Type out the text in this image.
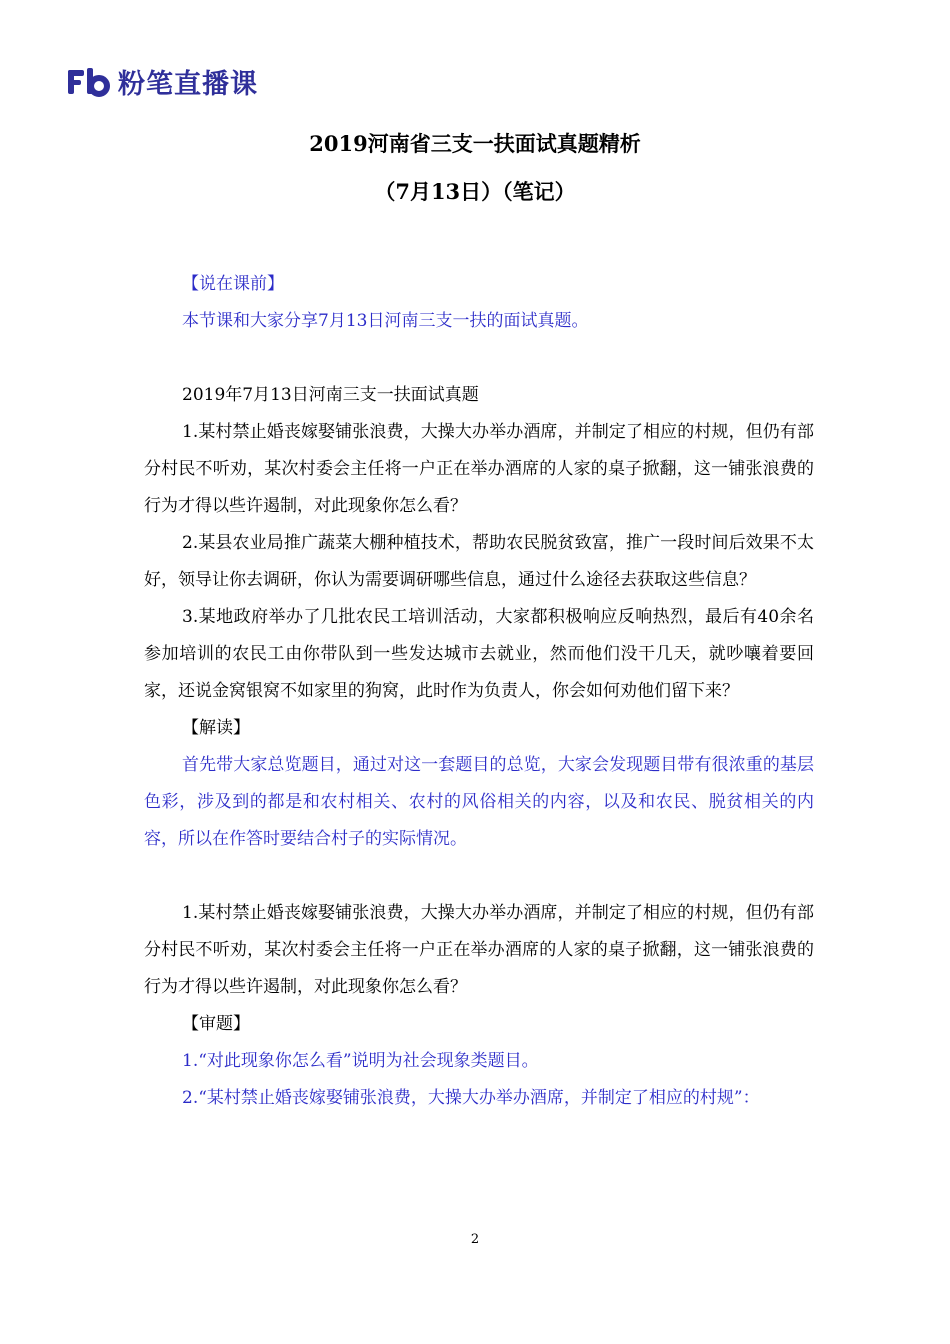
粉笔直播课
2019河南省三支一扶面试真题精析
（7月13日）（笔记）

【说在课前】

本节课和大家分享7月13日河南三支一扶的面试真题。

2019年7月13日河南三支一扶面试真题

1.某村禁止婚丧嫁娶铺张浪费，大操大办举办酒席，并制定了相应的村规，但仍有部分村民不听劝，某次村委会主任将一户正在举办酒席的人家的桌子掀翻，这一铺张浪费的行为才得以些许遏制，对此现象你怎么看？

2.某县农业局推广蔬菜大棚种植技术，帮助农民脱贫致富，推广一段时间后效果不太好，领导让你去调研，你认为需要调研哪些信息，通过什么途径去获取这些信息？

3.某地政府举办了几批农民工培训活动，大家都积极响应反响热烈，最后有40余名参加培训的农民工由你带队到一些发达城市去就业，然而他们没干几天，就吵嚷着要回家，还说金窝银窝不如家里的狗窝，此时作为负责人，你会如何劝他们留下来？

【解读】

首先带大家总览题目，通过对这一套题目的总览，大家会发现题目带有很浓重的基层色彩，涉及到的都是和农村相关、农村的风俗相关的内容，以及和农民、脱贫相关的内容，所以在作答时要结合村子的实际情况。

1.某村禁止婚丧嫁娶铺张浪费，大操大办举办酒席，并制定了相应的村规，但仍有部分村民不听劝，某次村委会主任将一户正在举办酒席的人家的桌子掀翻，这一铺张浪费的行为才得以些许遏制，对此现象你怎么看？

【审题】

1.“对此现象你怎么看”说明为社会现象类题目。

2.“某村禁止婚丧嫁娶铺张浪费，大操大办举办酒席，并制定了相应的村规”：

2
